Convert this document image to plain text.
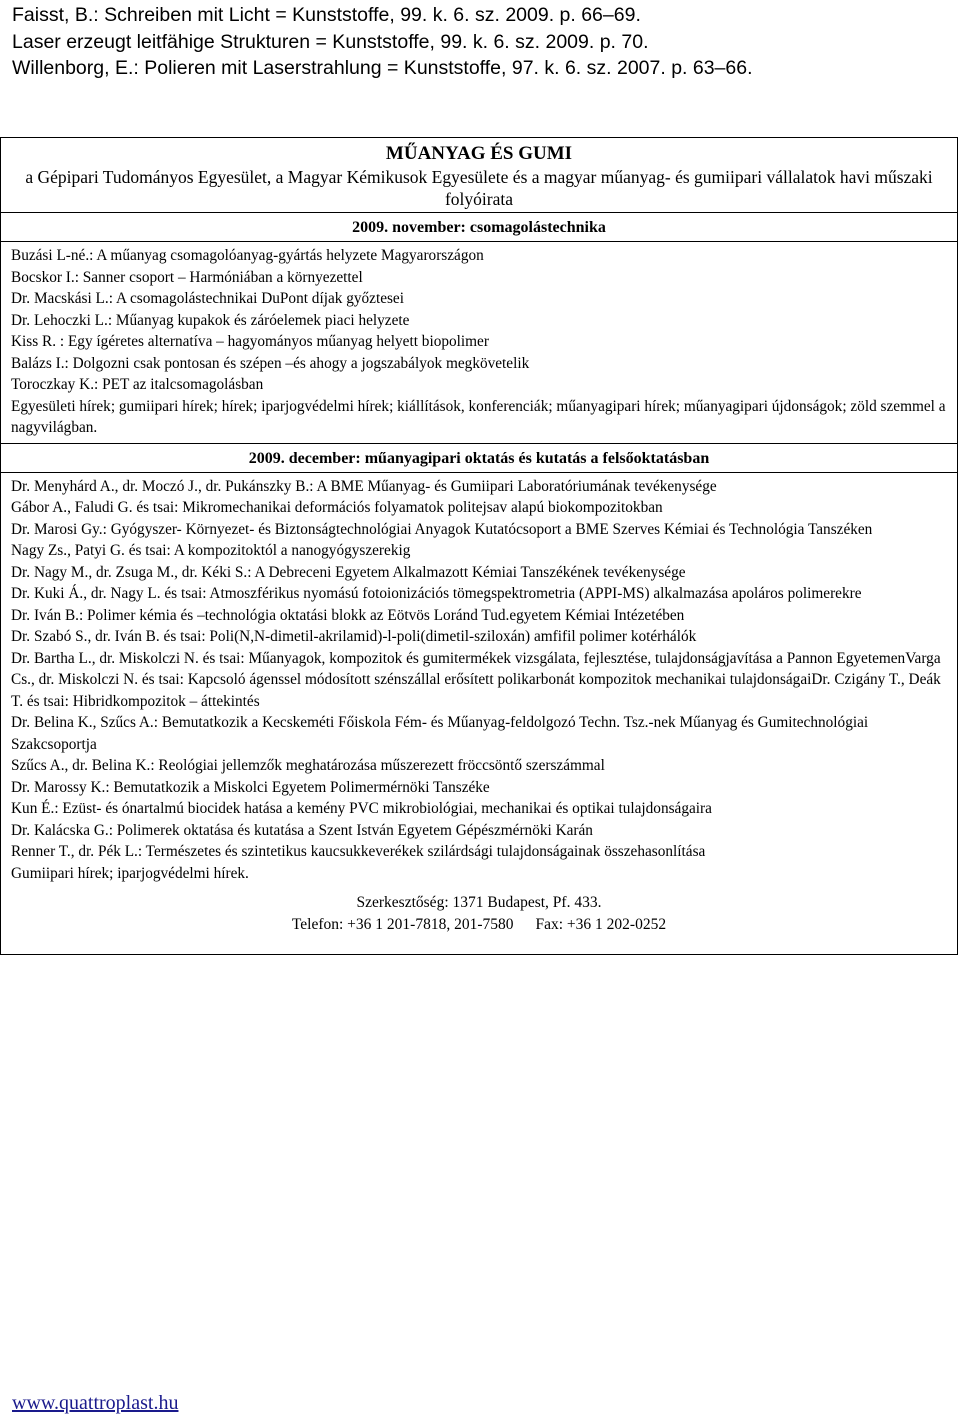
Faisst, B.: Schreiben mit Licht = Kunststoffe, 99. k. 6. sz. 2009. p. 66–69.
Laser erzeugt leitfähige Strukturen = Kunststoffe, 99. k. 6. sz. 2009. p. 70.
Willenborg, E.: Polieren mit Laserstrahlung = Kunststoffe, 97. k. 6. sz. 2007. p. 63–66.
MŰANYAG ÉS GUMI
a Gépipari Tudományos Egyesület, a Magyar Kémikusok Egyesülete és a magyar műanyag- és gumiipari vállalatok havi műszaki folyóirata
2009. november: csomagolástechnika
Buzási L-né.: A műanyag csomagolóanyag-gyártás helyzete Magyarországon
Bocskor I.: Sanner csoport – Harmóniában a környezettel
Dr. Macskási L.: A csomagolástechnikai DuPont díjak győztesei
Dr. Lehoczki L.: Műanyag kupakok és záróelemek piaci helyzete
Kiss R. : Egy ígéretes alternatíva – hagyományos műanyag helyett biopolimer
Balázs I.: Dolgozni csak pontosan és szépen –és ahogy a jogszabályok megkövetelik
Toroczkay K.: PET az italcsomagolásban
Egyesületi hírek; gumiipari hírek; hírek; iparjogvédelmi hírek; kiállítások, konferenciák; műanyagipari hírek; műanyagipari újdonságok; zöld szemmel a nagyvilágban.
2009. december: műanyagipari oktatás és kutatás a felsőoktatásban
Dr. Menyhárd A., dr. Moczó J., dr. Pukánszky B.: A BME Műanyag- és Gumiipari Laboratóriumának tevékenysége
Gábor A., Faludi G. és tsai: Mikromechanikai deformációs folyamatok politejsav alapú biokompozitokban
Dr. Marosi Gy.: Gyógyszer- Környezet- és Biztonságtechnológiai Anyagok Kutatócsoport a BME Szerves Kémiai és Technológia Tanszéken
Nagy Zs., Patyi G. és tsai: A kompozitoktól a nanogyógyszerekig
Dr. Nagy M., dr. Zsuga M., dr. Kéki S.: A Debreceni Egyetem Alkalmazott Kémiai Tanszékének tevékenysége
Dr. Kuki Á., dr. Nagy L. és tsai: Atmoszférikus nyomású fotoionizációs tömegspektrometria (APPI-MS) alkalmazása apoláros polimerekre
Dr. Iván B.: Polimer kémia és –technológia oktatási blokk az Eötvös Loránd Tud.egyetem Kémiai Intézetében
Dr. Szabó S., dr. Iván B. és tsai: Poli(N,N-dimetil-akrilamid)-l-poli(dimetil-sziloxán) amfifil polimer kotérhálók
Dr. Bartha L., dr. Miskolczi N. és tsai: Műanyagok, kompozitok és gumitermékek vizsgálata, fejlesztése, tulajdonságjavítása a Pannon EgyetemenVarga Cs., dr. Miskolczi N. és tsai: Kapcsoló ágenssel módosított szénszállal erősített polikarbonát kompozitok mechanikai tulajdonságaiDr. Czigány T., Deák T. és tsai: Hibridkompozitok – áttekintés
Dr. Belina K., Szűcs A.: Bemutatkozik a Kecskeméti Főiskola Fém- és Műanyag-feldolgozó Techn. Tsz.-nek Műanyag és Gumitechnológiai Szakcsoportja
Szűcs A., dr. Belina K.: Reológiai jellemzők meghatározása műszerezett fröccsöntő szerszámmal
Dr. Marossy K.: Bemutatkozik a Miskolci Egyetem Polimermérnöki Tanszéke
Kun É.: Ezüst- és ónartalmú biocidek hatása a kemény PVC mikrobiológiai, mechanikai és optikai tulajdonságaira
Dr. Kalácska G.: Polimerek oktatása és kutatása a Szent István Egyetem Gépészmérnöki Karán
Renner T., dr. Pék L.: Természetes és szintetikus kaucsukkeverékek szilárdsági tulajdonságainak összehasonlítása
Gumiipari hírek; iparjogvédelmi hírek.
Szerkesztőség: 1371 Budapest, Pf. 433.
Telefon: +36 1 201-7818, 201-7580 Fax: +36 1 202-0252
www.quattroplast.hu
